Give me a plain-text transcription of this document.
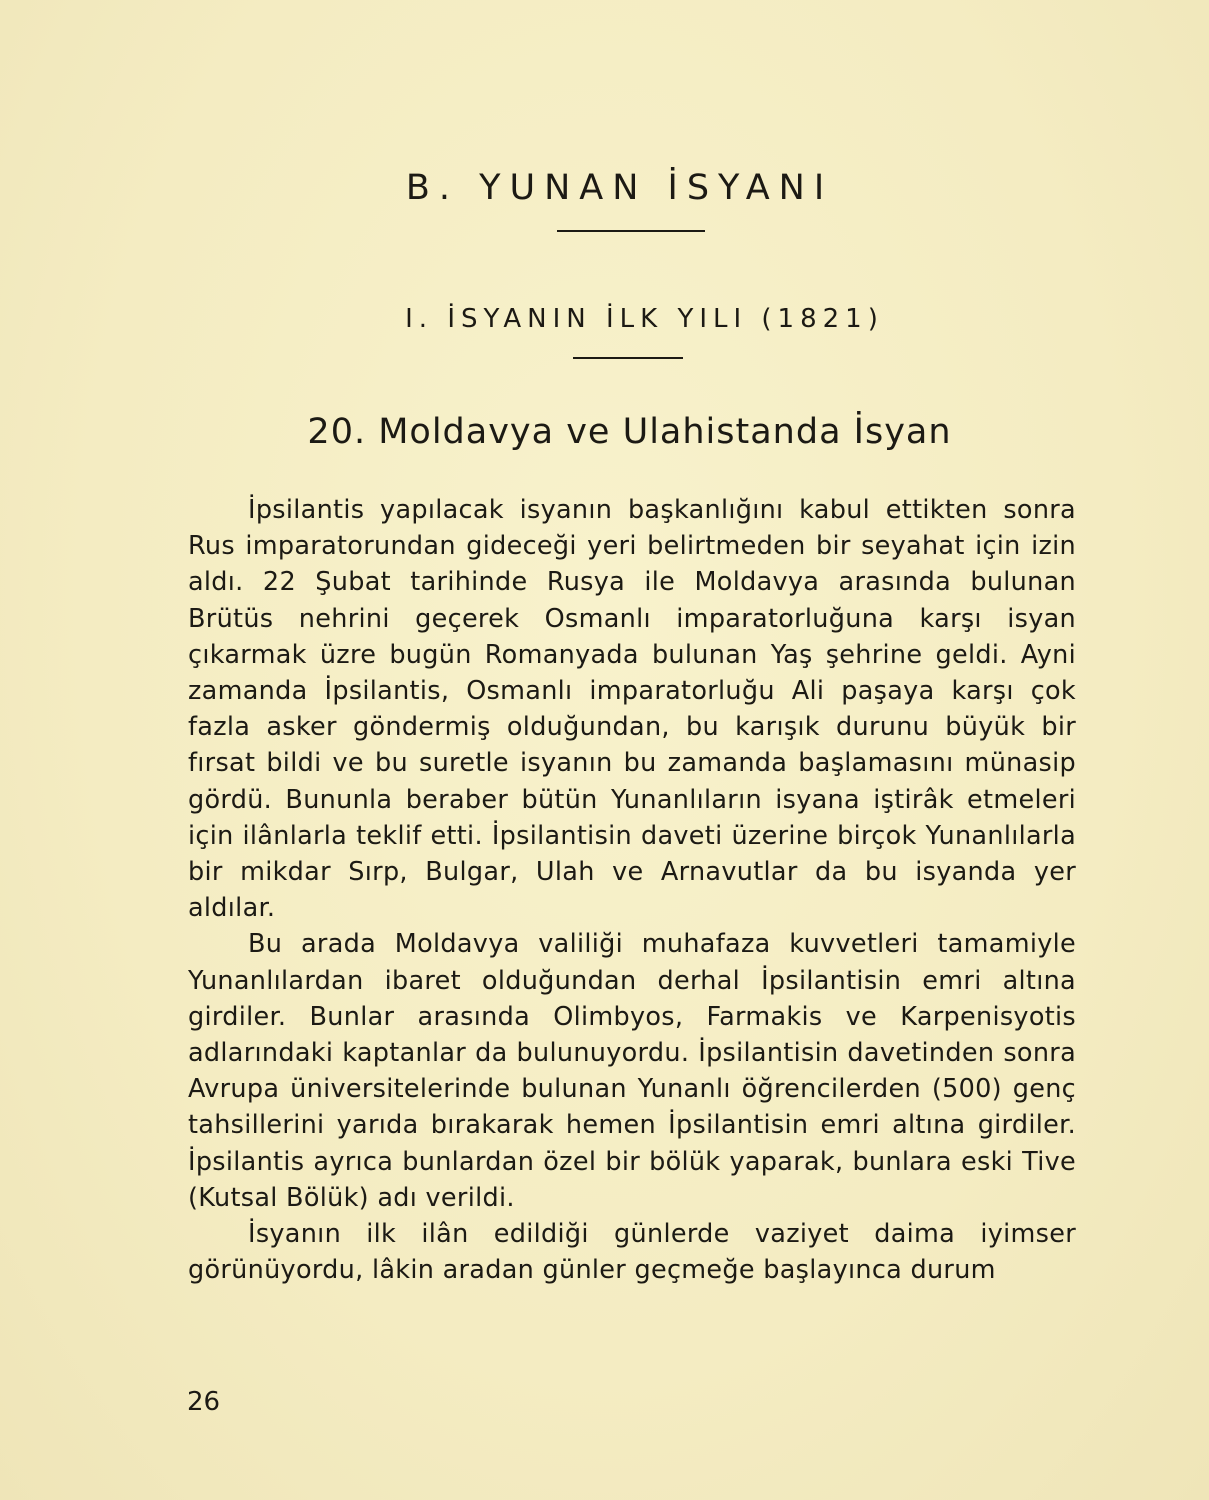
B. YUNAN İSYANI
I. İSYANIN İLK YILI (1821)
20. Moldavya ve Ulahistanda İsyan

İpsilantis yapılacak isyanın başkanlığını kabul ettikten sonra Rus imparatorundan gideceği yeri belirtmeden bir seyahat için izin aldı. 22 Şubat tarihinde Rusya ile Moldavya arasında bulunan Brütüs nehrini geçerek Osmanlı imparatorluğuna karşı isyan çıkarmak üzre bugün Romanyada bulunan Yaş şehrine geldi. Ayni zamanda İpsilantis, Osmanlı imparatorluğu Ali paşaya karşı çok fazla asker göndermiş olduğundan, bu karışık durunu büyük bir fırsat bildi ve bu suretle isyanın bu zamanda başlamasını münasip gördü. Bununla beraber bütün Yunanlıların isyana iştirâk etmeleri için ilânlarla teklif etti. İpsilantisin daveti üzerine birçok Yunanlılarla bir mikdar Sırp, Bulgar, Ulah ve Arnavutlar da bu isyanda yer aldılar.

Bu arada Moldavya valiliği muhafaza kuvvetleri tamamiyle Yunanlılardan ibaret olduğundan derhal İpsilantisin emri altına girdiler. Bunlar arasında Olimbyos, Farmakis ve Karpenisyotis adlarındaki kaptanlar da bulunuyordu. İpsilantisin davetinden sonra Avrupa üniversitelerinde bulunan Yunanlı öğrencilerden (500) genç tahsillerini yarıda bırakarak hemen İpsilantisin emri altına girdiler. İpsilantis ayrıca bunlardan özel bir bölük yaparak, bunlara eski Tive (Kutsal Bölük) adı verildi.

İsyanın ilk ilân edildiği günlerde vaziyet daima iyimser görünüyordu, lâkin aradan günler geçmeğe başlayınca durum

26
